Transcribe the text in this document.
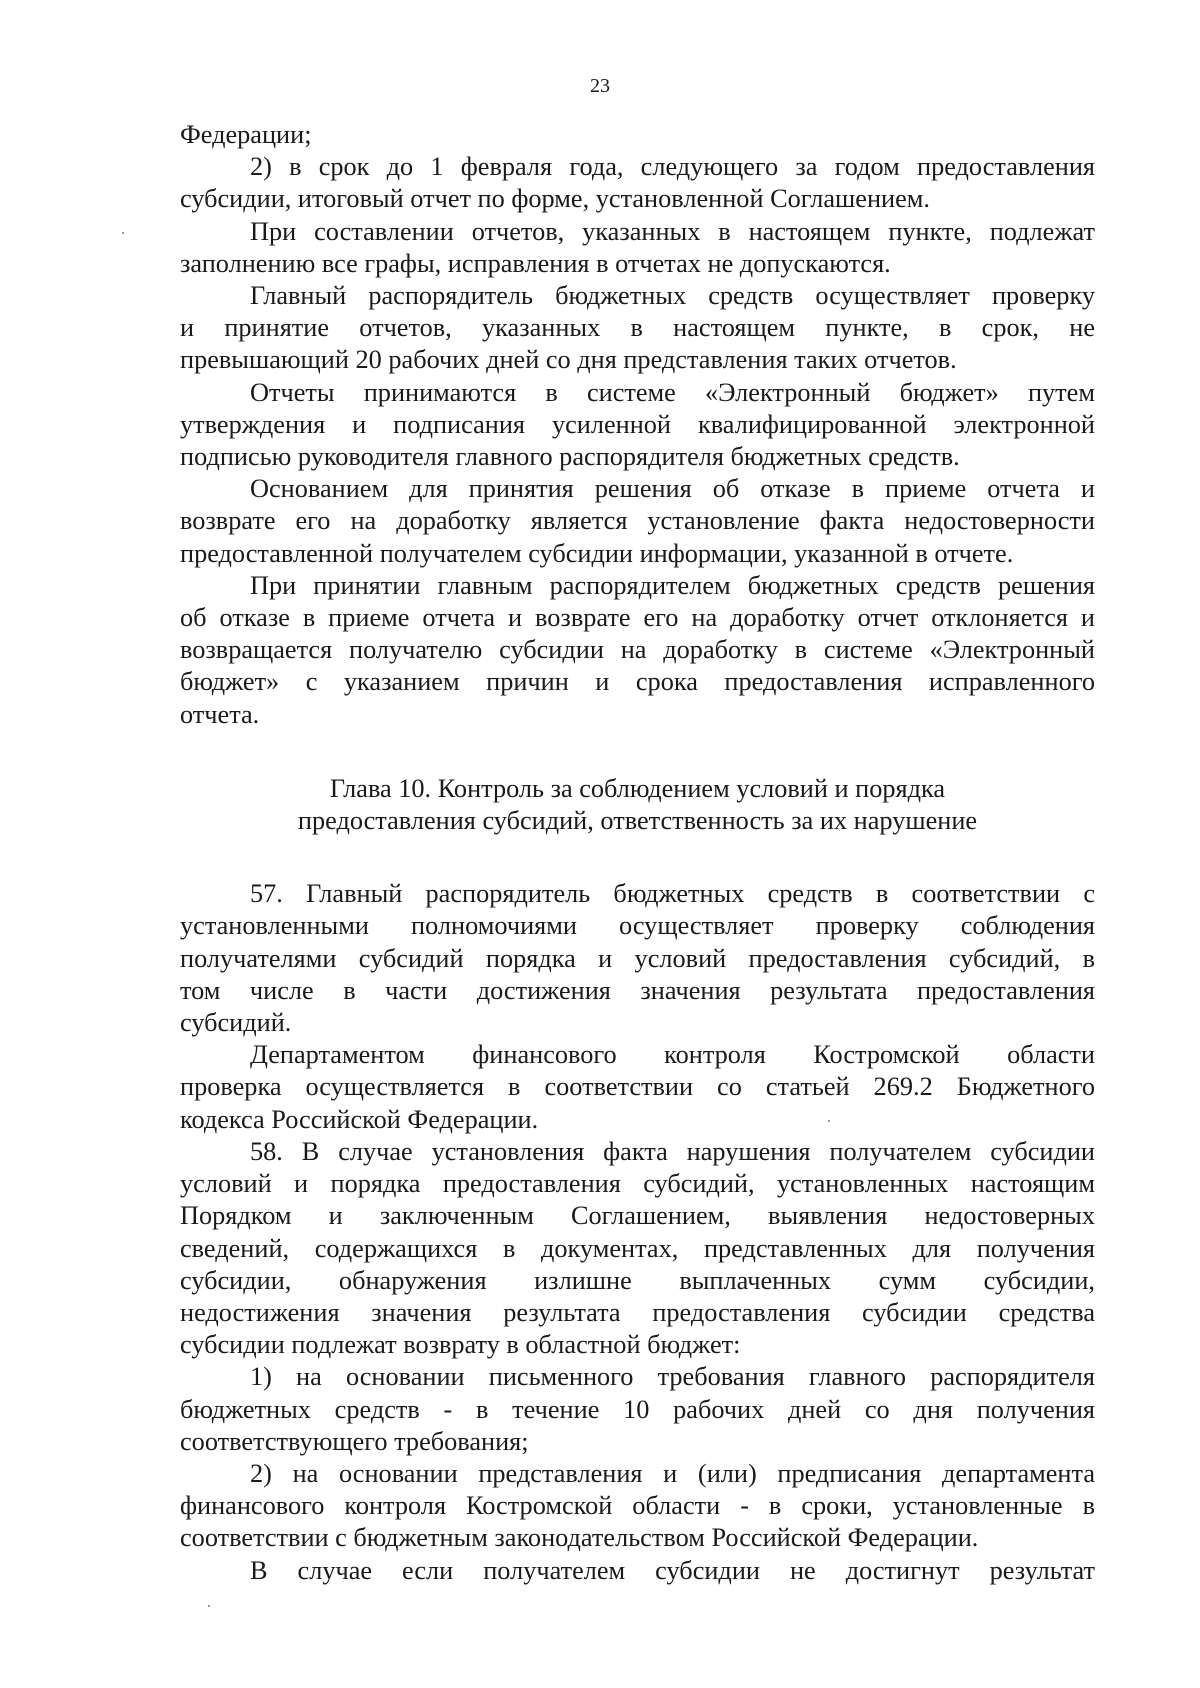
23
Федерации;
2) в срок до 1 февраля года, следующего за годом предоставления
субсидии, итоговый отчет по форме, установленной Соглашением.
При составлении отчетов, указанных в настоящем пункте, подлежат
заполнению все графы, исправления в отчетах не допускаются.
Главный распорядитель бюджетных средств осуществляет проверку
и принятие отчетов, указанных в настоящем пункте, в срок, не
превышающий 20 рабочих дней со дня представления таких отчетов.
Отчеты принимаются в системе «Электронный бюджет» путем
утверждения и подписания усиленной квалифицированной электронной
подписью руководителя главного распорядителя бюджетных средств.
Основанием для принятия решения об отказе в приеме отчета и
возврате его на доработку является установление факта недостоверности
предоставленной получателем субсидии информации, указанной в отчете.
При принятии главным распорядителем бюджетных средств решения
об отказе в приеме отчета и возврате его на доработку отчет отклоняется и
возвращается получателю субсидии на доработку в системе «Электронный
бюджет» с указанием причин и срока предоставления исправленного
отчета.
Глава 10. Контроль за соблюдением условий и порядка
предоставления субсидий, ответственность за их нарушение
57. Главный распорядитель бюджетных средств в соответствии с
установленными полномочиями осуществляет проверку соблюдения
получателями субсидий порядка и условий предоставления субсидий, в
том числе в части достижения значения результата предоставления
субсидий.
Департаментом финансового контроля Костромской области
проверка осуществляется в соответствии со статьей 269.2 Бюджетного
кодекса Российской Федерации.
58. В случае установления факта нарушения получателем субсидии
условий и порядка предоставления субсидий, установленных настоящим
Порядком и заключенным Соглашением, выявления недостоверных
сведений, содержащихся в документах, представленных для получения
субсидии, обнаружения излишне выплаченных сумм субсидии,
недостижения значения результата предоставления субсидии средства
субсидии подлежат возврату в областной бюджет:
1) на основании письменного требования главного распорядителя
бюджетных средств - в течение 10 рабочих дней со дня получения
соответствующего требования;
2) на основании представления и (или) предписания департамента
финансового контроля Костромской области - в сроки, установленные в
соответствии с бюджетным законодательством Российской Федерации.
В случае если получателем субсидии не достигнут результат
